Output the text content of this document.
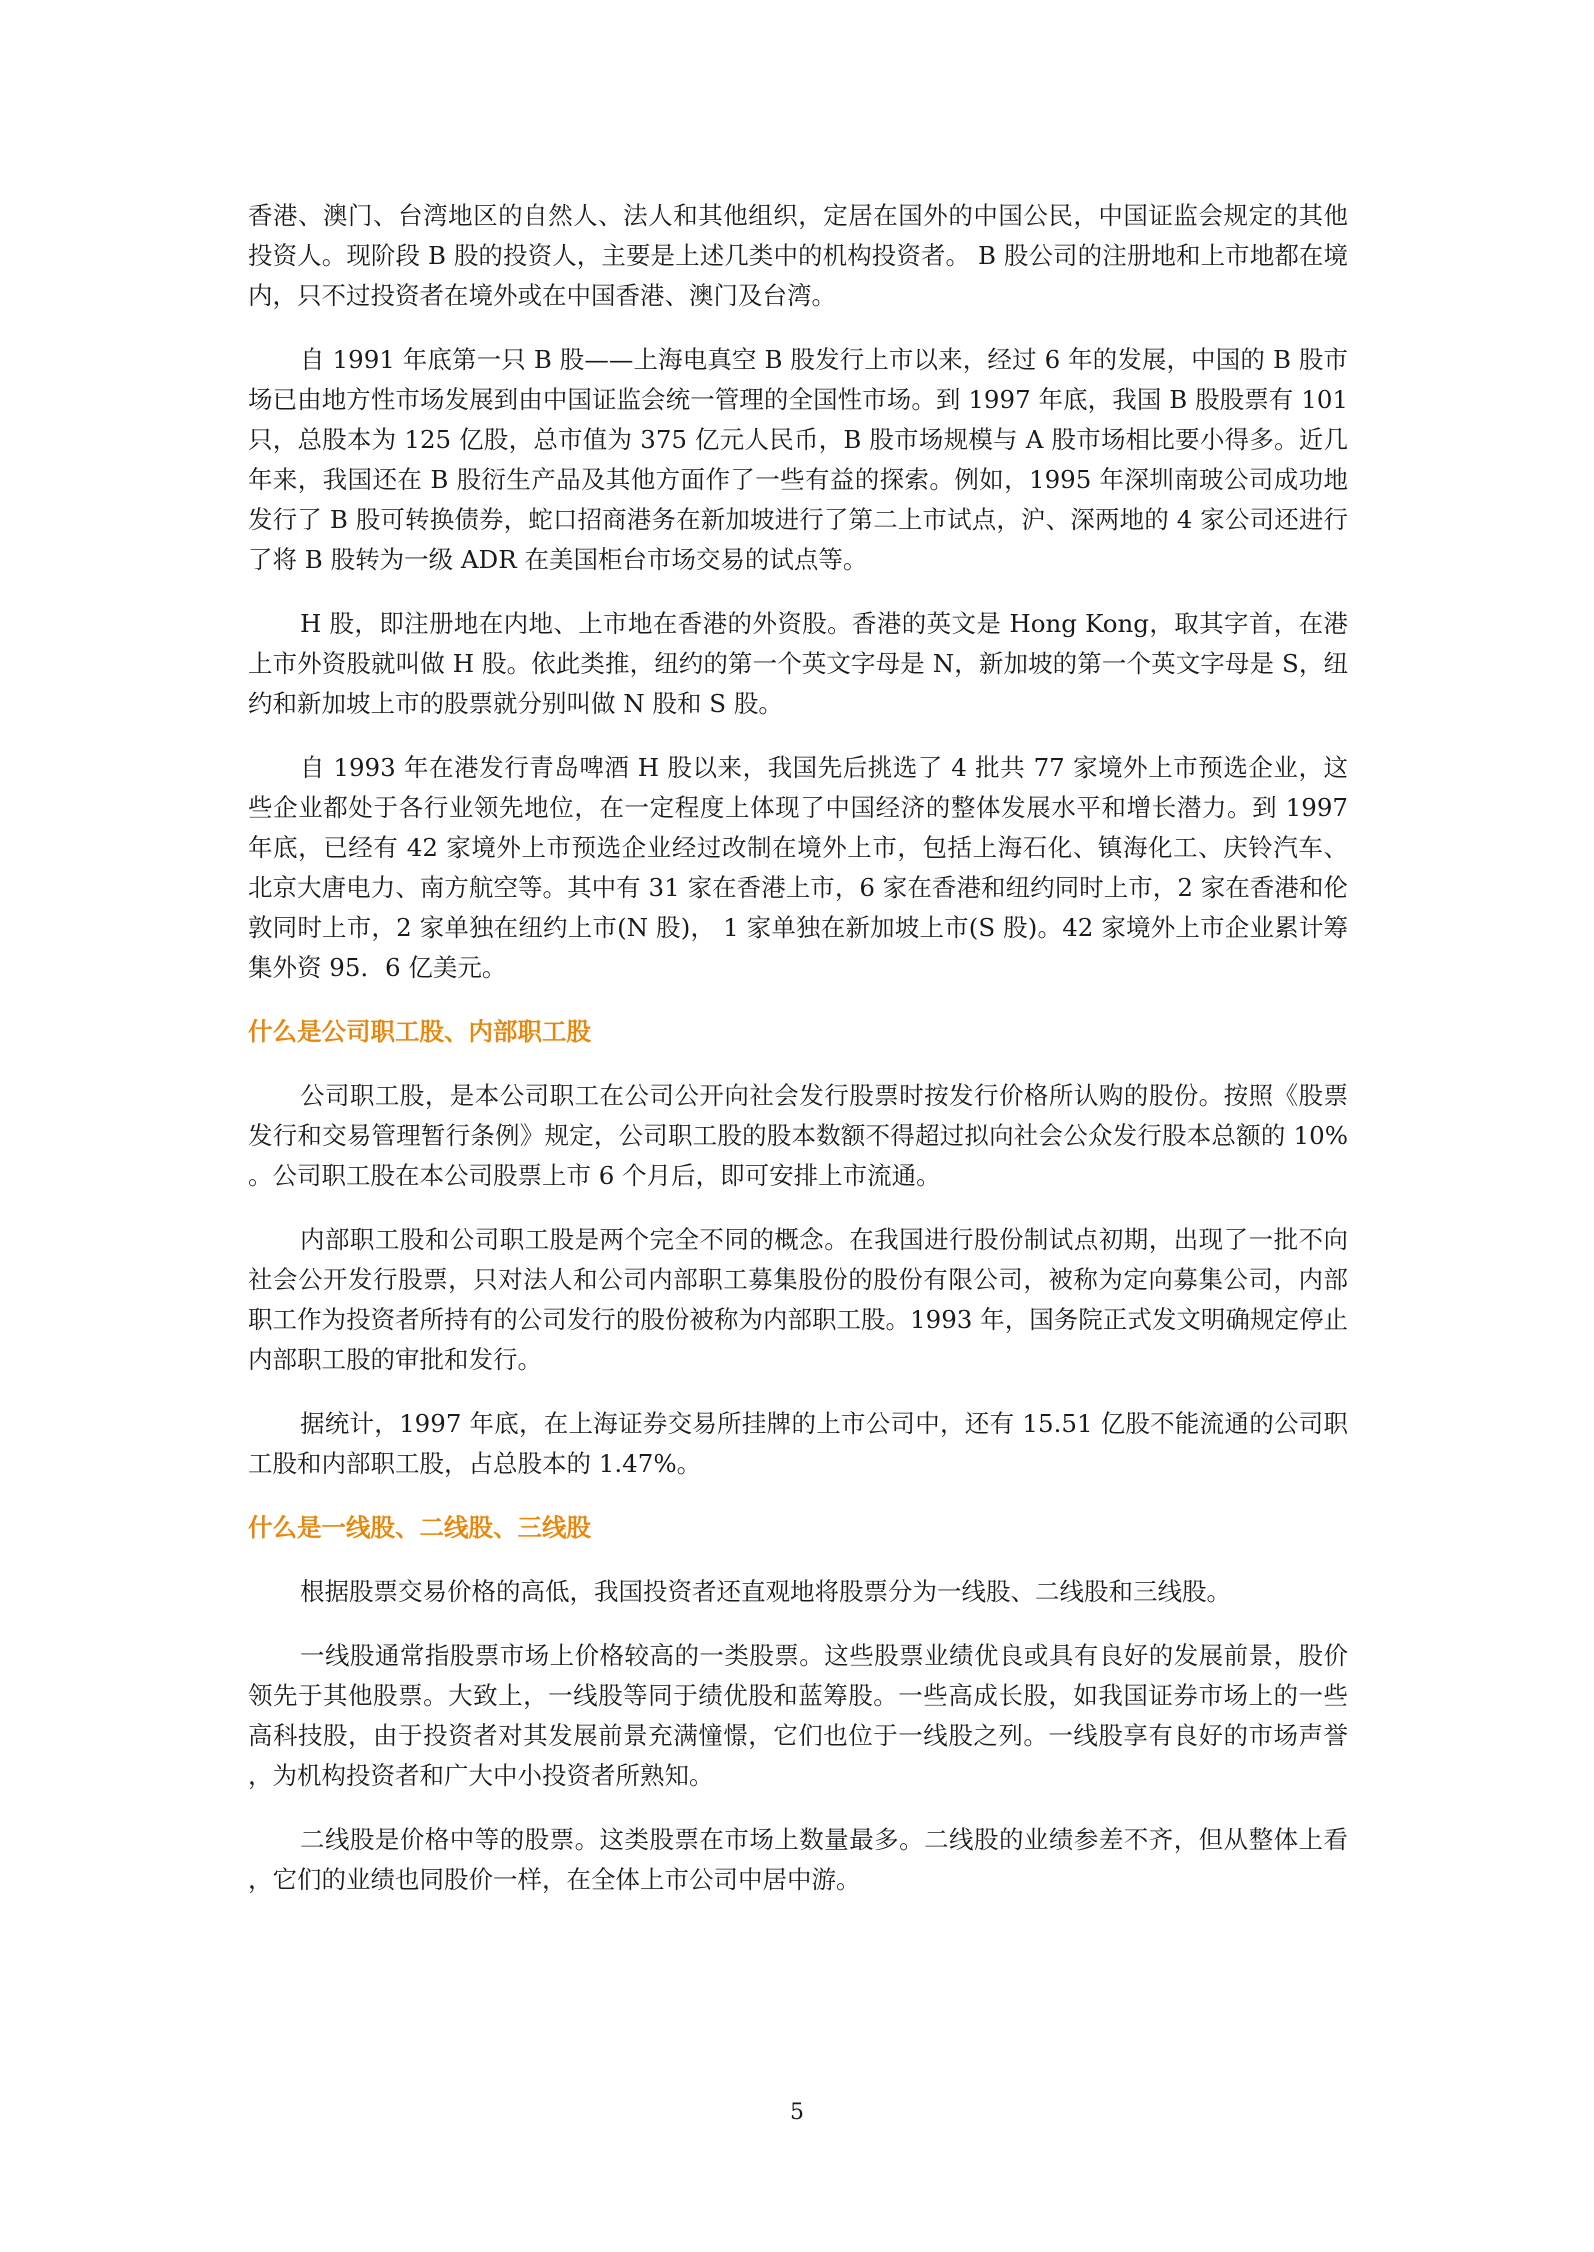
香港、澳门、台湾地区的自然人、法人和其他组织，定居在国外的中国公民，中国证监会规定的其他投资人。现阶段 B 股的投资人，主要是上述几类中的机构投资者。 B 股公司的注册地和上市地都在境内，只不过投资者在境外或在中国香港、澳门及台湾。

自 1991 年底第一只 B 股——上海电真空 B 股发行上市以来，经过 6 年的发展，中国的 B 股市场已由地方性市场发展到由中国证监会统一管理的全国性市场。到 1997 年底，我国 B 股股票有 101 只，总股本为 125 亿股，总市值为 375 亿元人民币，B 股市场规模与 A 股市场相比要小得多。近几年来，我国还在 B 股衍生产品及其他方面作了一些有益的探索。例如，1995 年深圳南玻公司成功地发行了 B 股可转换债券，蛇口招商港务在新加坡进行了第二上市试点，沪、深两地的 4 家公司还进行了将 B 股转为一级 ADR 在美国柜台市场交易的试点等。

H 股，即注册地在内地、上市地在香港的外资股。香港的英文是 Hong Kong，取其字首，在港上市外资股就叫做 H 股。依此类推，纽约的第一个英文字母是 N，新加坡的第一个英文字母是 S，纽约和新加坡上市的股票就分别叫做 N 股和 S 股。

自 1993 年在港发行青岛啤酒 H 股以来，我国先后挑选了 4 批共 77 家境外上市预选企业，这些企业都处于各行业领先地位，在一定程度上体现了中国经济的整体发展水平和增长潜力。到 1997 年底，已经有 42 家境外上市预选企业经过改制在境外上市，包括上海石化、镇海化工、庆铃汽车、北京大唐电力、南方航空等。其中有 31 家在香港上市，6 家在香港和纽约同时上市，2 家在香港和伦敦同时上市，2 家单独在纽约上市(N 股)， 1 家单独在新加坡上市(S 股)。42 家境外上市企业累计筹集外资 95．6 亿美元。

什么是公司职工股、内部职工股

公司职工股，是本公司职工在公司公开向社会发行股票时按发行价格所认购的股份。按照《股票发行和交易管理暂行条例》规定，公司职工股的股本数额不得超过拟向社会公众发行股本总额的 10%。公司职工股在本公司股票上市 6 个月后，即可安排上市流通。

内部职工股和公司职工股是两个完全不同的概念。在我国进行股份制试点初期，出现了一批不向社会公开发行股票，只对法人和公司内部职工募集股份的股份有限公司，被称为定向募集公司，内部职工作为投资者所持有的公司发行的股份被称为内部职工股。1993 年，国务院正式发文明确规定停止内部职工股的审批和发行。

据统计，1997 年底，在上海证券交易所挂牌的上市公司中，还有 15.51 亿股不能流通的公司职工股和内部职工股，占总股本的 1.47%。

什么是一线股、二线股、三线股

根据股票交易价格的高低，我国投资者还直观地将股票分为一线股、二线股和三线股。

一线股通常指股票市场上价格较高的一类股票。这些股票业绩优良或具有良好的发展前景，股价领先于其他股票。大致上，一线股等同于绩优股和蓝筹股。一些高成长股，如我国证券市场上的一些高科技股，由于投资者对其发展前景充满憧憬，它们也位于一线股之列。一线股享有良好的市场声誉，为机构投资者和广大中小投资者所熟知。

二线股是价格中等的股票。这类股票在市场上数量最多。二线股的业绩参差不齐，但从整体上看，它们的业绩也同股价一样，在全体上市公司中居中游。

5
